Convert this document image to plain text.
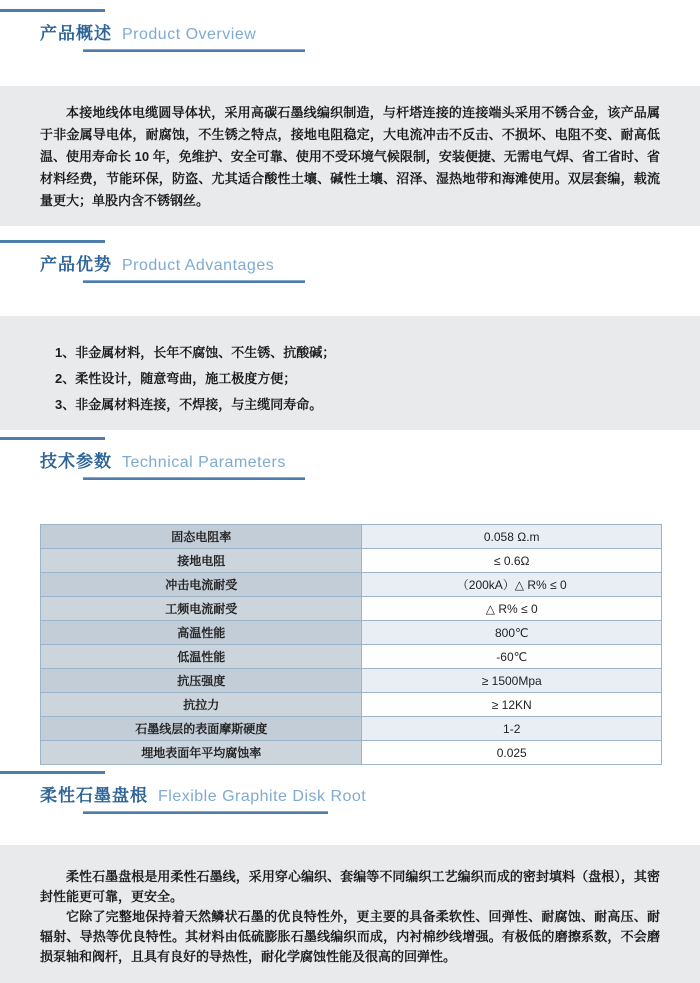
产品概述 Product Overview

本接地线体电缆圆导体状，采用高碳石墨线编织制造，与杆塔连接的连接端头采用不锈合金，该产品属于非金属导电体，耐腐蚀，不生锈之特点，接地电阻稳定，大电流冲击不反击、不损坏、电阻不变、耐高低温、使用寿命长 10 年，免维护、安全可靠、使用不受环境气候限制，安装便捷、无需电气焊、省工省时、省材料经费，节能环保，防盗、尤其适合酸性土壤、碱性土壤、沼泽、湿热地带和海滩使用。双层套编，载流量更大；单股内含不锈钢丝。

产品优势 Product Advantages
1、非金属材料，长年不腐蚀、不生锈、抗酸碱；
2、柔性设计，随意弯曲，施工极度方便；
3、非金属材料连接，不焊接，与主缆同寿命。
技术参数 Technical Parameters
固态电阻率	0.058 Ω.m
接地电阻	≤ 0.6Ω
冲击电流耐受	（200kA）△ R% ≤ 0
工频电流耐受	△ R% ≤ 0
高温性能	800℃
低温性能	-60℃
抗压强度	≥ 1500Mpa
抗拉力	≥ 12KN
石墨线层的表面摩斯硬度	1-2
埋地表面年平均腐蚀率	0.025
柔性石墨盘根 Flexible Graphite Disk Root

柔性石墨盘根是用柔性石墨线，采用穿心编织、套编等不同编织工艺编织而成的密封填料（盘根），其密封性能更可靠，更安全。

它除了完整地保持着天然鳞状石墨的优良特性外，更主要的具备柔软性、回弹性、耐腐蚀、耐高压、耐辐射、导热等优良特性。其材料由低硫膨胀石墨线编织而成，内衬棉纱线增强。有极低的磨擦系数，不会磨损泵轴和阀杆，且具有良好的导热性，耐化学腐蚀性能及很高的回弹性。
